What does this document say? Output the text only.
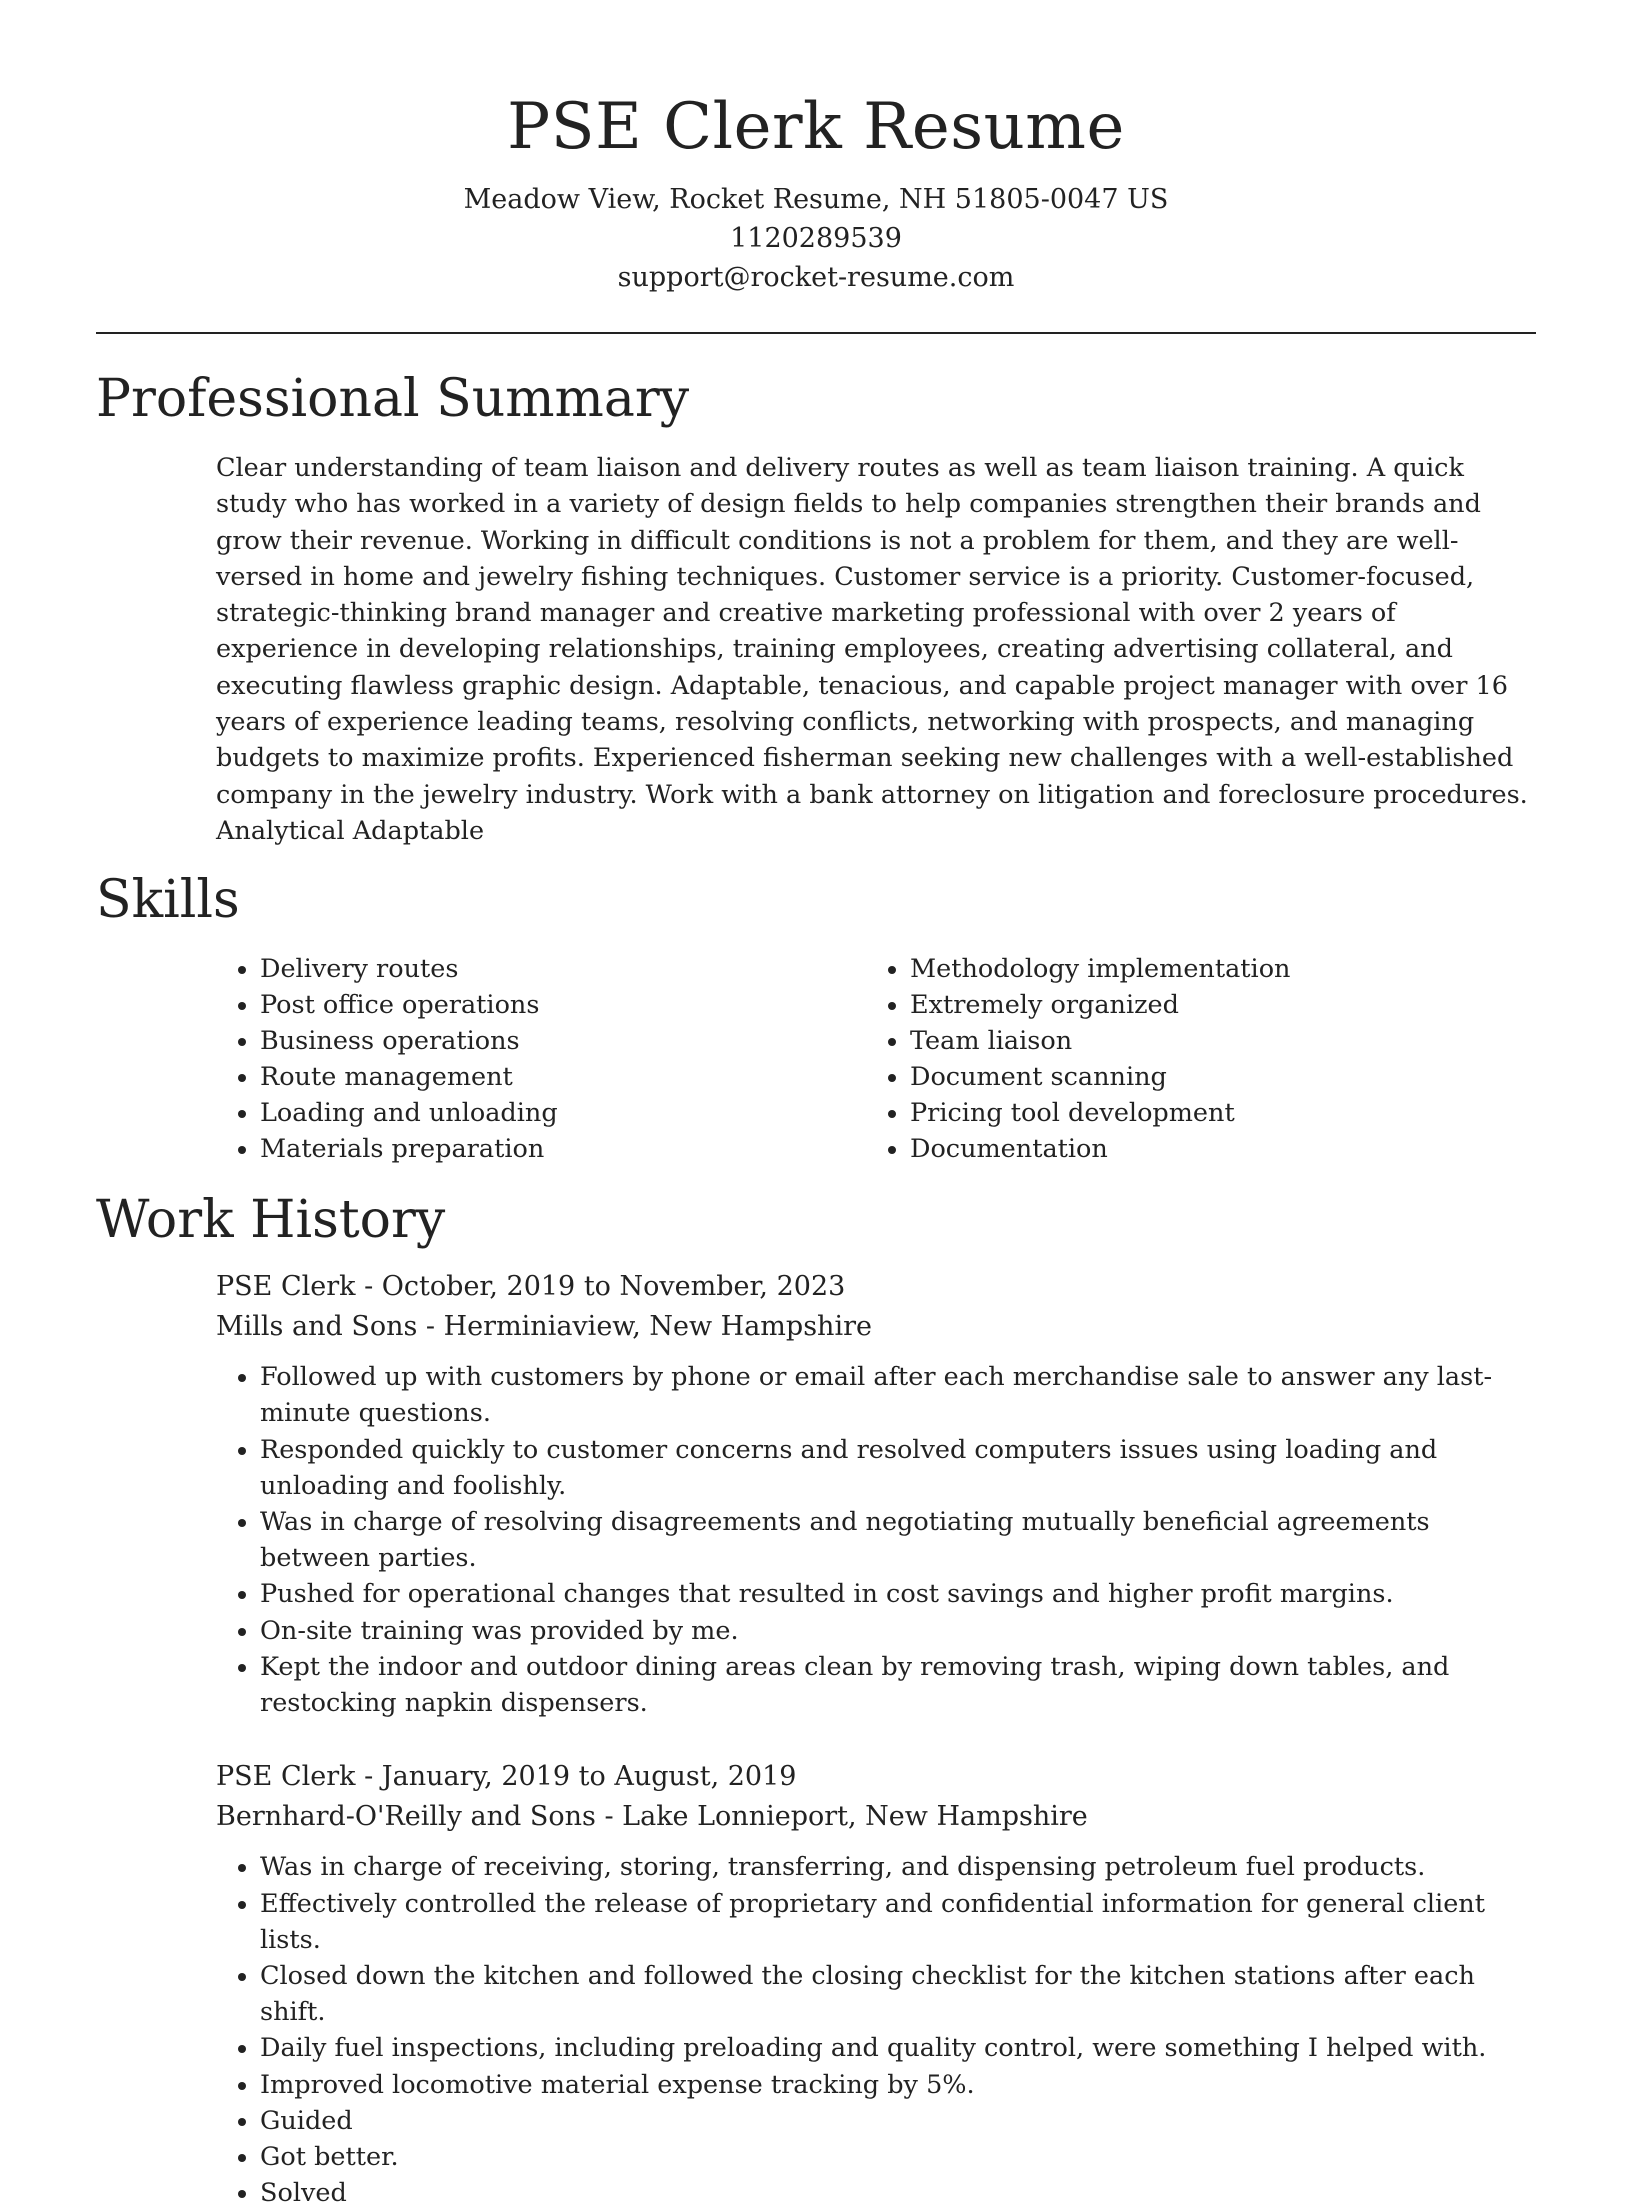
PSE Clerk Resume
Meadow View, Rocket Resume, NH 51805-0047 US
1120289539
support@rocket-resume.com
Professional Summary
Clear understanding of team liaison and delivery routes as well as team liaison training. A quick study who has worked in a variety of design fields to help companies strengthen their brands and grow their revenue. Working in difficult conditions is not a problem for them, and they are well-versed in home and jewelry fishing techniques. Customer service is a priority. Customer-focused, strategic-thinking brand manager and creative marketing professional with over 2 years of experience in developing relationships, training employees, creating advertising collateral, and executing flawless graphic design. Adaptable, tenacious, and capable project manager with over 16 years of experience leading teams, resolving conflicts, networking with prospects, and managing budgets to maximize profits. Experienced fisherman seeking new challenges with a well-established company in the jewelry industry. Work with a bank attorney on litigation and foreclosure procedures. Analytical Adaptable
Skills
• Delivery routes
• Post office operations
• Business operations
• Route management
• Loading and unloading
• Materials preparation
• Methodology implementation
• Extremely organized
• Team liaison
• Document scanning
• Pricing tool development
• Documentation
Work History
PSE Clerk - October, 2019 to November, 2023
Mills and Sons - Herminiaview, New Hampshire
• Followed up with customers by phone or email after each merchandise sale to answer any last-minute questions.
• Responded quickly to customer concerns and resolved computers issues using loading and unloading and foolishly.
• Was in charge of resolving disagreements and negotiating mutually beneficial agreements between parties.
• Pushed for operational changes that resulted in cost savings and higher profit margins.
• On-site training was provided by me.
• Kept the indoor and outdoor dining areas clean by removing trash, wiping down tables, and restocking napkin dispensers.
PSE Clerk - January, 2019 to August, 2019
Bernhard-O'Reilly and Sons - Lake Lonnieport, New Hampshire
• Was in charge of receiving, storing, transferring, and dispensing petroleum fuel products.
• Effectively controlled the release of proprietary and confidential information for general client lists.
• Closed down the kitchen and followed the closing checklist for the kitchen stations after each shift.
• Daily fuel inspections, including preloading and quality control, were something I helped with.
• Improved locomotive material expense tracking by 5%.
• Guided
• Got better.
• Solved
